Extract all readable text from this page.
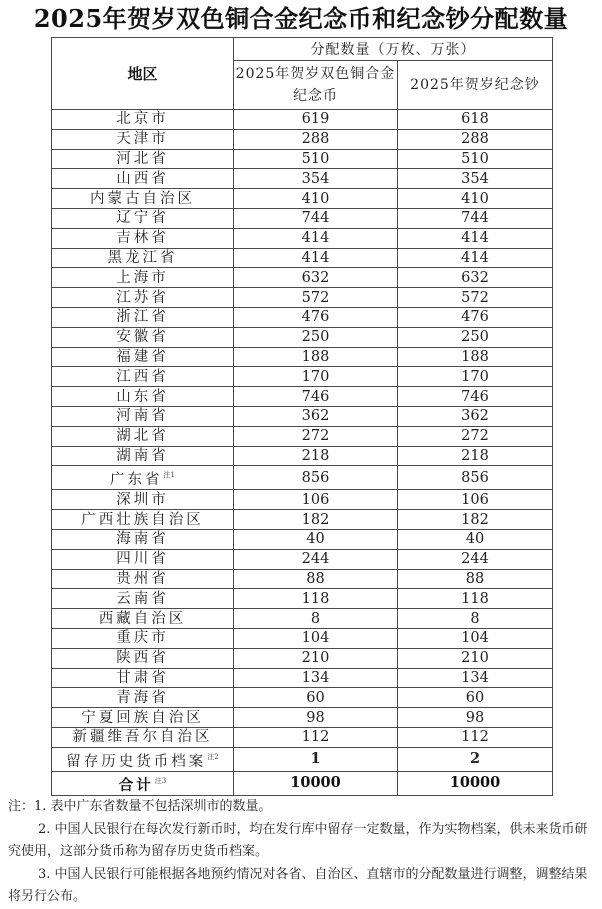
2025年贺岁双色铜合金纪念币和纪念钞分配数量
地区	分配数量（万枚、万张）	
	2025年贺岁双色铜合金纪念币	2025年贺岁纪念钞
北京市	619	618
天津市	288	288
河北省	510	510
山西省	354	354
内蒙古自治区	410	410
辽宁省	744	744
吉林省	414	414
黑龙江省	414	414
上海市	632	632
江苏省	572	572
浙江省	476	476
安徽省	250	250
福建省	188	188
江西省	170	170
山东省	746	746
河南省	362	362
湖北省	272	272
湖南省	218	218
广东省$^{注1}$	856	856
深圳市	106	106
广西壮族自治区	182	182
海南省	40	40
四川省	244	244
贵州省	88	88
云南省	118	118
西藏自治区	8	8
重庆市	104	104
陕西省	210	210
甘肃省	134	134
青海省	60	60
宁夏回族自治区	98	98
新疆维吾尔自治区	112	112
留存历史货币档案$^{注2}$	1	2
合计$^{注3}$	10000	10000

注：1. 表中广东省数量不包括深圳市的数量。

2. 中国人民银行在每次发行新币时，均在发行库中留存一定数量，作为实物档案，供未来货币研究使用，这部分货币称为留存历史货币档案。

3. 中国人民银行可能根据各地预约情况对各省、自治区、直辖市的分配数量进行调整，调整结果将另行公布。
